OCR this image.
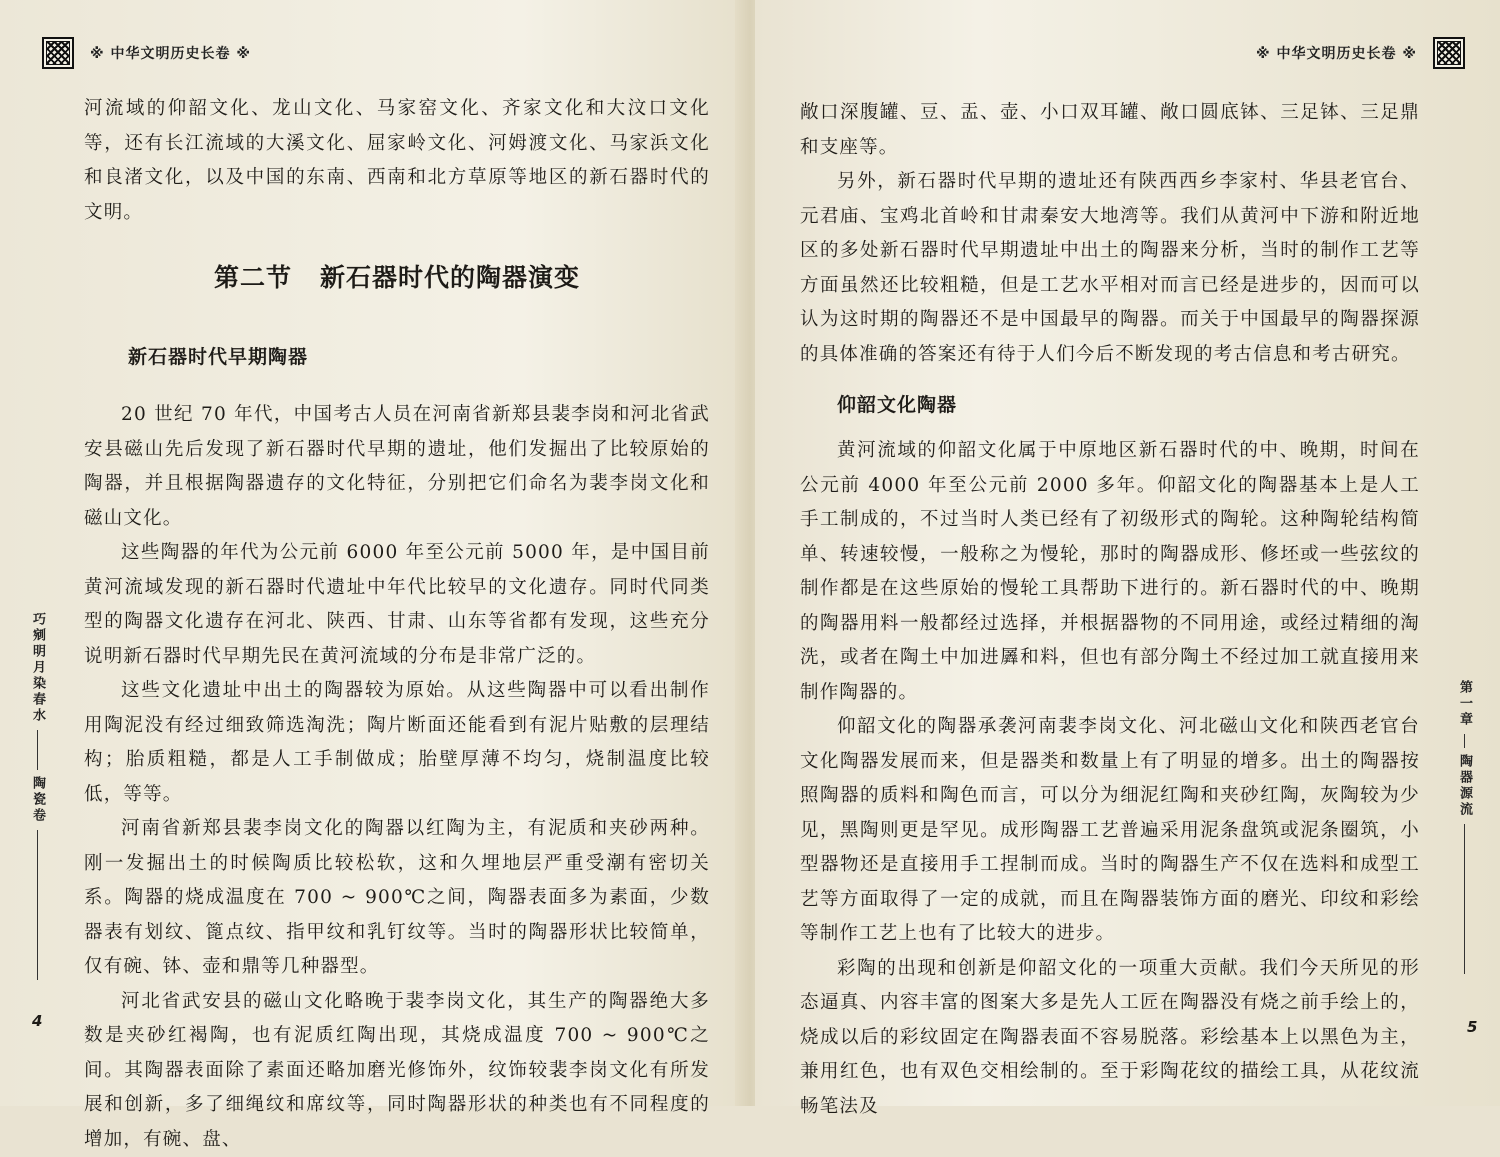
※ 中华文明历史长卷 ※

河流域的仰韶文化、龙山文化、马家窑文化、齐家文化和大汶口文化等，还有长江流域的大溪文化、屈家岭文化、河姆渡文化、马家浜文化和良渚文化，以及中国的东南、西南和北方草原等地区的新石器时代的文明。

第二节 新石器时代的陶器演变
新石器时代早期陶器

20 世纪 70 年代，中国考古人员在河南省新郑县裴李岗和河北省武安县磁山先后发现了新石器时代早期的遗址，他们发掘出了比较原始的陶器，并且根据陶器遗存的文化特征，分别把它们命名为裴李岗文化和磁山文化。

这些陶器的年代为公元前 6000 年至公元前 5000 年，是中国目前黄河流域发现的新石器时代遗址中年代比较早的文化遗存。同时代同类型的陶器文化遗存在河北、陕西、甘肃、山东等省都有发现，这些充分说明新石器时代早期先民在黄河流域的分布是非常广泛的。

这些文化遗址中出土的陶器较为原始。从这些陶器中可以看出制作用陶泥没有经过细致筛选淘洗；陶片断面还能看到有泥片贴敷的层理结构；胎质粗糙，都是人工手制做成；胎壁厚薄不均匀，烧制温度比较低，等等。

河南省新郑县裴李岗文化的陶器以红陶为主，有泥质和夹砂两种。刚一发掘出土的时候陶质比较松软，这和久埋地层严重受潮有密切关系。陶器的烧成温度在 700 ~ 900℃之间，陶器表面多为素面，少数器表有划纹、篦点纹、指甲纹和乳钉纹等。当时的陶器形状比较简单，仅有碗、钵、壶和鼎等几种器型。

河北省武安县的磁山文化略晚于裴李岗文化，其生产的陶器绝大多数是夹砂红褐陶，也有泥质红陶出现，其烧成温度 700 ~ 900℃之间。其陶器表面除了素面还略加磨光修饰外，纹饰较裴李岗文化有所发展和创新，多了细绳纹和席纹等，同时陶器形状的种类也有不同程度的增加，有碗、盘、

巧剜明月染春水
陶瓷卷
4
※ 中华文明历史长卷 ※

敞口深腹罐、豆、盂、壶、小口双耳罐、敞口圆底钵、三足钵、三足鼎和支座等。

另外，新石器时代早期的遗址还有陕西西乡李家村、华县老官台、元君庙、宝鸡北首岭和甘肃秦安大地湾等。我们从黄河中下游和附近地区的多处新石器时代早期遗址中出土的陶器来分析，当时的制作工艺等方面虽然还比较粗糙，但是工艺水平相对而言已经是进步的，因而可以认为这时期的陶器还不是中国最早的陶器。而关于中国最早的陶器探源的具体准确的答案还有待于人们今后不断发现的考古信息和考古研究。

仰韶文化陶器

黄河流域的仰韶文化属于中原地区新石器时代的中、晚期，时间在公元前 4000 年至公元前 2000 多年。仰韶文化的陶器基本上是人工手工制成的，不过当时人类已经有了初级形式的陶轮。这种陶轮结构简单、转速较慢，一般称之为慢轮，那时的陶器成形、修坯或一些弦纹的制作都是在这些原始的慢轮工具帮助下进行的。新石器时代的中、晚期的陶器用料一般都经过选择，并根据器物的不同用途，或经过精细的淘洗，或者在陶土中加进羼和料，但也有部分陶土不经过加工就直接用来制作陶器的。

仰韶文化的陶器承袭河南裴李岗文化、河北磁山文化和陕西老官台文化陶器发展而来，但是器类和数量上有了明显的增多。出土的陶器按照陶器的质料和陶色而言，可以分为细泥红陶和夹砂红陶，灰陶较为少见，黑陶则更是罕见。成形陶器工艺普遍采用泥条盘筑或泥条圈筑，小型器物还是直接用手工捏制而成。当时的陶器生产不仅在选料和成型工艺等方面取得了一定的成就，而且在陶器装饰方面的磨光、印纹和彩绘等制作工艺上也有了比较大的进步。

彩陶的出现和创新是仰韶文化的一项重大贡献。我们今天所见的形态逼真、内容丰富的图案大多是先人工匠在陶器没有烧之前手绘上的，烧成以后的彩纹固定在陶器表面不容易脱落。彩绘基本上以黑色为主，兼用红色，也有双色交相绘制的。至于彩陶花纹的描绘工具，从花纹流畅笔法及

第一章
陶器源流
5
